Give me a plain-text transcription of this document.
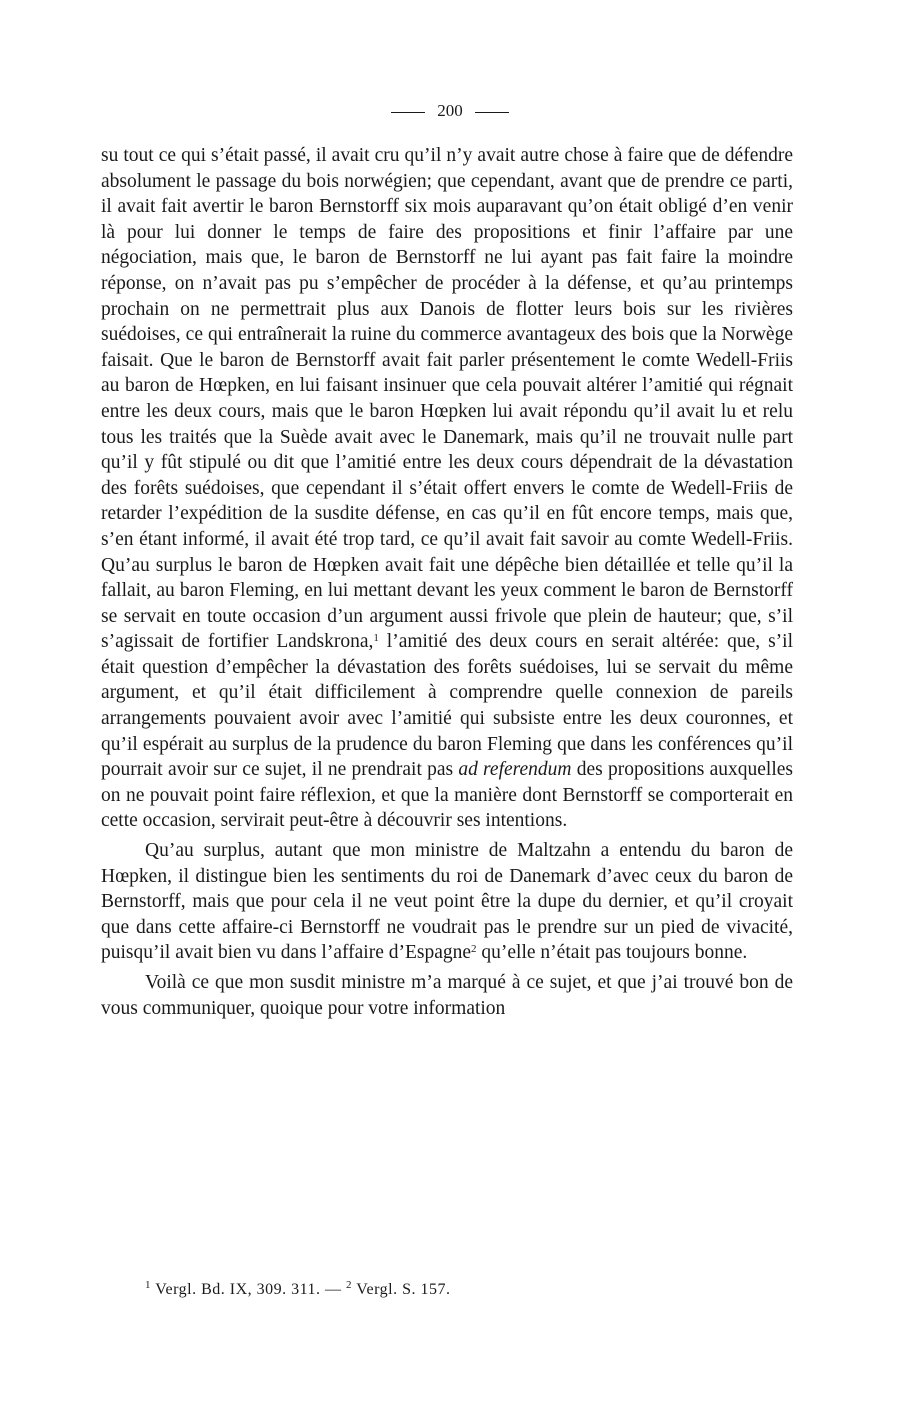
200

su tout ce qui s’était passé, il avait cru qu’il n’y avait autre chose à faire que de défendre absolument le passage du bois norwégien; que cependant, avant que de prendre ce parti, il avait fait avertir le baron Bernstorff six mois auparavant qu’on était obligé d’en venir là pour lui donner le temps de faire des propositions et finir l’affaire par une négociation, mais que, le baron de Bernstorff ne lui ayant pas fait faire la moindre réponse, on n’avait pas pu s’empêcher de procéder à la défense, et qu’au printemps prochain on ne permettrait plus aux Danois de flotter leurs bois sur les rivières suédoises, ce qui entraînerait la ruine du commerce avantageux des bois que la Norwège faisait. Que le baron de Bernstorff avait fait parler présentement le comte Wedell-Friis au baron de Hœpken, en lui faisant insinuer que cela pouvait altérer l’amitié qui régnait entre les deux cours, mais que le baron Hœpken lui avait répondu qu’il avait lu et relu tous les traités que la Suède avait avec le Danemark, mais qu’il ne trouvait nulle part qu’il y fût stipulé ou dit que l’amitié entre les deux cours dépendrait de la dévastation des forêts suédoises, que cependant il s’était offert envers le comte de Wedell-Friis de retarder l’expédition de la susdite défense, en cas qu’il en fût encore temps, mais que, s’en étant informé, il avait été trop tard, ce qu’il avait fait savoir au comte Wedell-Friis. Qu’au surplus le baron de Hœpken avait fait une dépêche bien détaillée et telle qu’il la fallait, au baron Fleming, en lui mettant devant les yeux comment le baron de Bernstorff se servait en toute occasion d’un argument aussi frivole que plein de hauteur; que, s’il s’agissait de fortifier Landskrona,$^1$ l’amitié des deux cours en serait altérée: que, s’il était question d’empêcher la dévastation des forêts suédoises, lui se servait du même argument, et qu’il était difficilement à comprendre quelle connexion de pareils arrangements pouvaient avoir avec l’amitié qui subsiste entre les deux couronnes, et qu’il espérait au surplus de la prudence du baron Fleming que dans les conférences qu’il pourrait avoir sur ce sujet, il ne prendrait pas ad referendum des propositions auxquelles on ne pouvait point faire réflexion, et que la manière dont Bernstorff se comporterait en cette occasion, servirait peut-être à découvrir ses intentions.

Qu’au surplus, autant que mon ministre de Maltzahn a entendu du baron de Hœpken, il distingue bien les sentiments du roi de Danemark d’avec ceux du baron de Bernstorff, mais que pour cela il ne veut point être la dupe du dernier, et qu’il croyait que dans cette affaire-ci Bernstorff ne voudrait pas le prendre sur un pied de vivacité, puisqu’il avait bien vu dans l’affaire d’Espagne$^2$ qu’elle n’était pas toujours bonne.

Voilà ce que mon susdit ministre m’a marqué à ce sujet, et que j’ai trouvé bon de vous communiquer, quoique pour votre information

$^1$ Vergl. Bd. IX, 309. 311. — $^2$ Vergl. S. 157.
